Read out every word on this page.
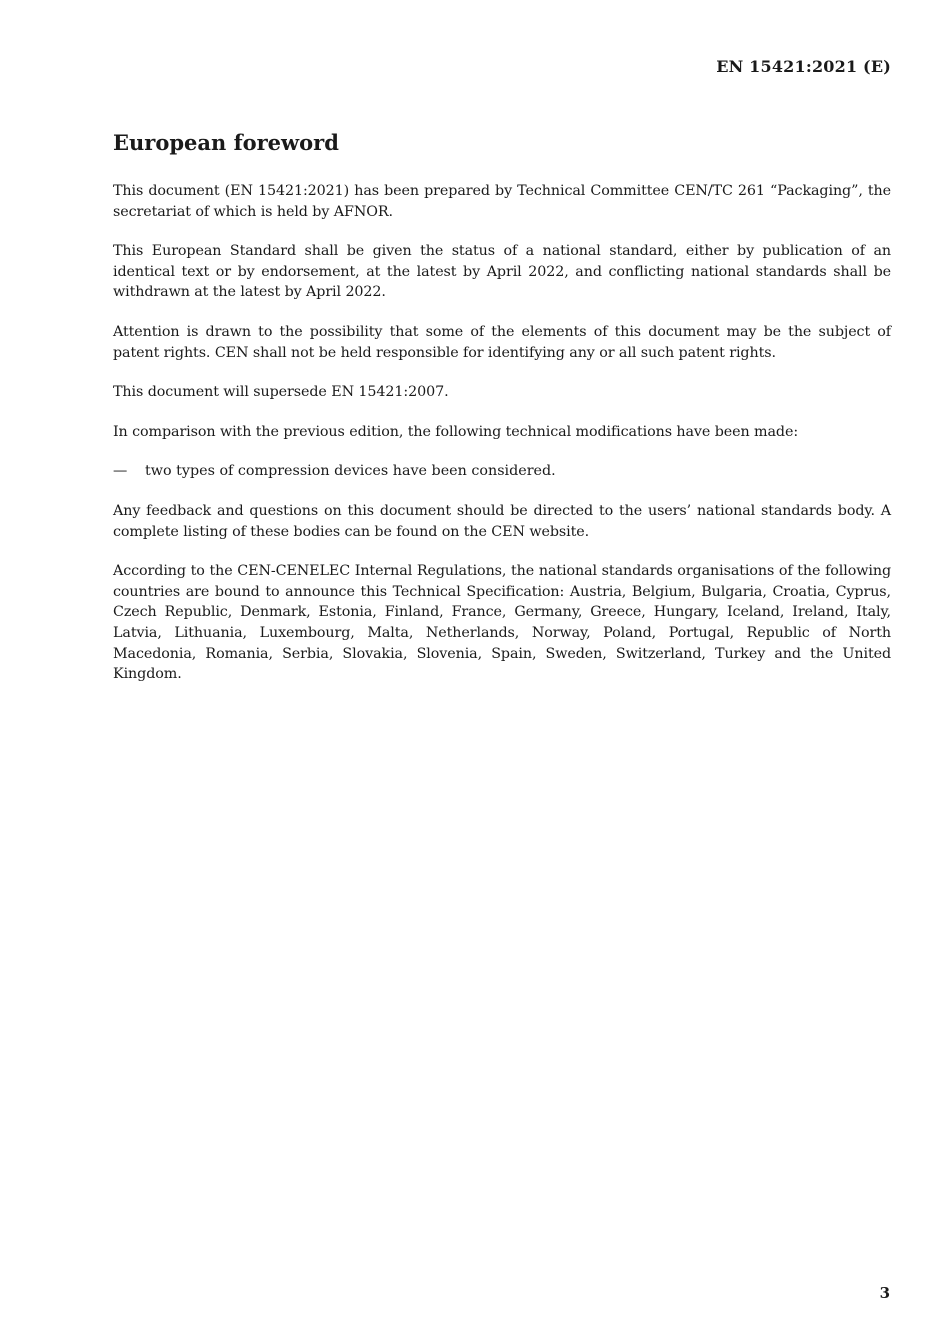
EN 15421:2021 (E)
European foreword

This document (EN 15421:2021) has been prepared by Technical Committee CEN/TC 261 “Packaging”, the secretariat of which is held by AFNOR.

This European Standard shall be given the status of a national standard, either by publication of an identical text or by endorsement, at the latest by April 2022, and conflicting national standards shall be withdrawn at the latest by April 2022.

Attention is drawn to the possibility that some of the elements of this document may be the subject of patent rights. CEN shall not be held responsible for identifying any or all such patent rights.

This document will supersede EN 15421:2007.

In comparison with the previous edition, the following technical modifications have been made:

—	two types of compression devices have been considered.

Any feedback and questions on this document should be directed to the users’ national standards body. A complete listing of these bodies can be found on the CEN website.

According to the CEN-CENELEC Internal Regulations, the national standards organisations of the following countries are bound to announce this Technical Specification: Austria, Belgium, Bulgaria, Croatia, Cyprus, Czech Republic, Denmark, Estonia, Finland, France, Germany, Greece, Hungary, Iceland, Ireland, Italy, Latvia, Lithuania, Luxembourg, Malta, Netherlands, Norway, Poland, Portugal, Republic of North Macedonia, Romania, Serbia, Slovakia, Slovenia, Spain, Sweden, Switzerland, Turkey and the United Kingdom.

3
